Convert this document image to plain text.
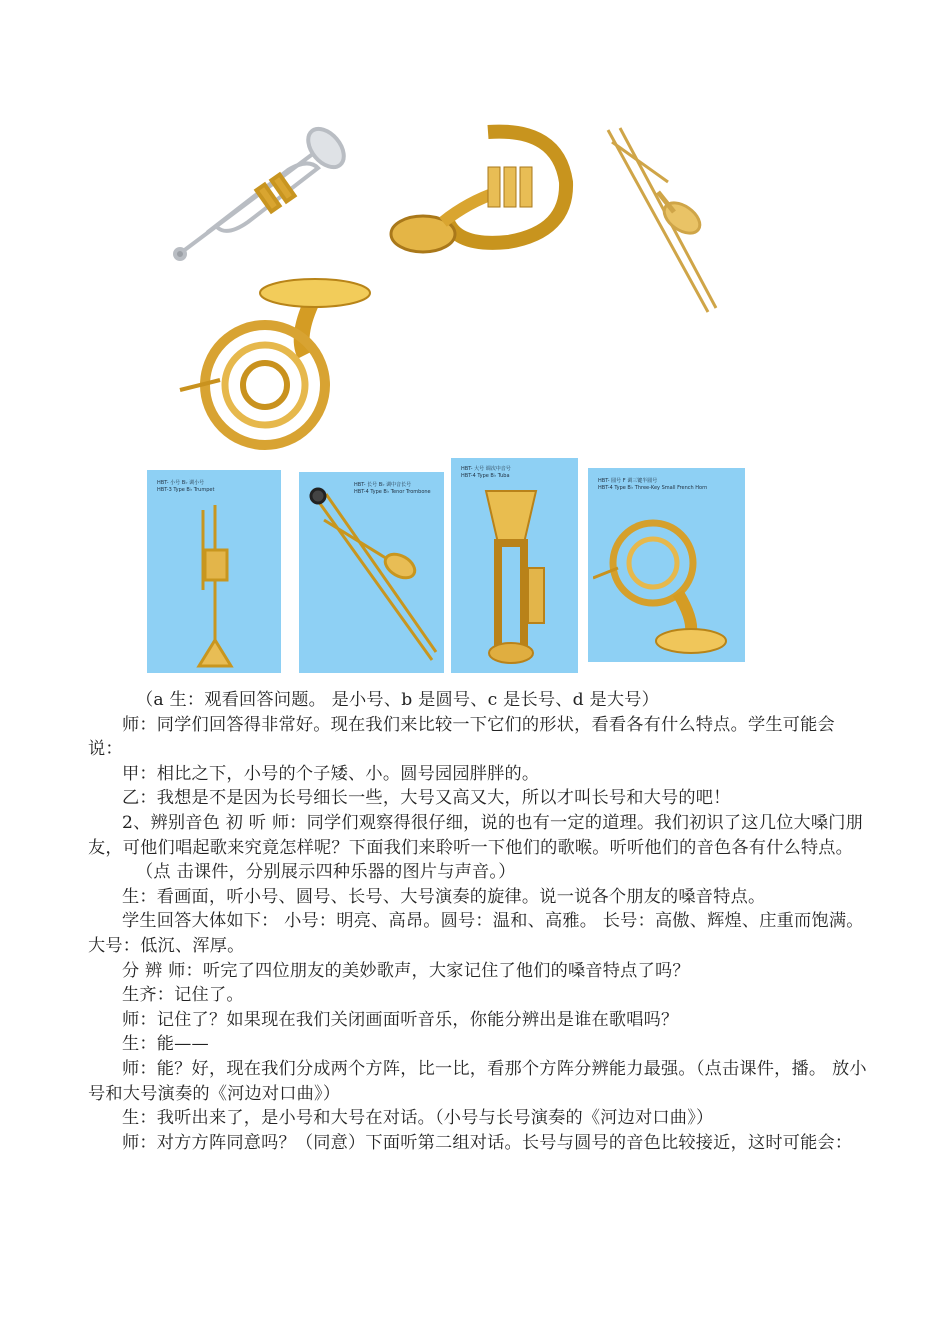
HBT- 小号 B♭ 调小号
HBT-3 Type B♭ Trumpet
HBT- 长号 B♭ 调中音长号
HBT-4 Type B♭ Tenor Trombone
HBT- 大号 调次中音号
HBT-4 Type B♭ Tuba
HBT- 圆号 F 调三键半圆号
HBT-4 Type B♭ Three-Key Small French Horn

（a 生：观看回答问题。 是小号、b 是圆号、c 是长号、d 是大号）

师：同学们回答得非常好。现在我们来比较一下它们的形状，看看各有什么特点。学生可能会说：

甲：相比之下，小号的个子矮、小。圆号园园胖胖的。

乙：我想是不是因为长号细长一些，大号又高又大，所以才叫长号和大号的吧！

2、辨别音色 初 听 师：同学们观察得很仔细，说的也有一定的道理。我们初识了这几位大嗓门朋友，可他们唱起歌来究竟怎样呢？下面我们来聆听一下他们的歌喉。听听他们的音色各有什么特点。

（点 击课件，分别展示四种乐器的图片与声音。）

生：看画面，听小号、圆号、长号、大号演奏的旋律。说一说各个朋友的嗓音特点。

学生回答大体如下： 小号：明亮、高昂。圆号：温和、高雅。 长号：高傲、辉煌、庄重而饱满。 大号：低沉、浑厚。

分 辨 师：听完了四位朋友的美妙歌声，大家记住了他们的嗓音特点了吗？

生齐：记住了。

师：记住了？如果现在我们关闭画面听音乐，你能分辨出是谁在歌唱吗？

生：能——

师：能？好，现在我们分成两个方阵，比一比，看那个方阵分辨能力最强。（点击课件，播。 放小号和大号演奏的《河边对口曲》）

生：我听出来了，是小号和大号在对话。（小号与长号演奏的《河边对口曲》）

师：对方方阵同意吗？（同意）下面听第二组对话。长号与圆号的音色比较接近，这时可能会：
